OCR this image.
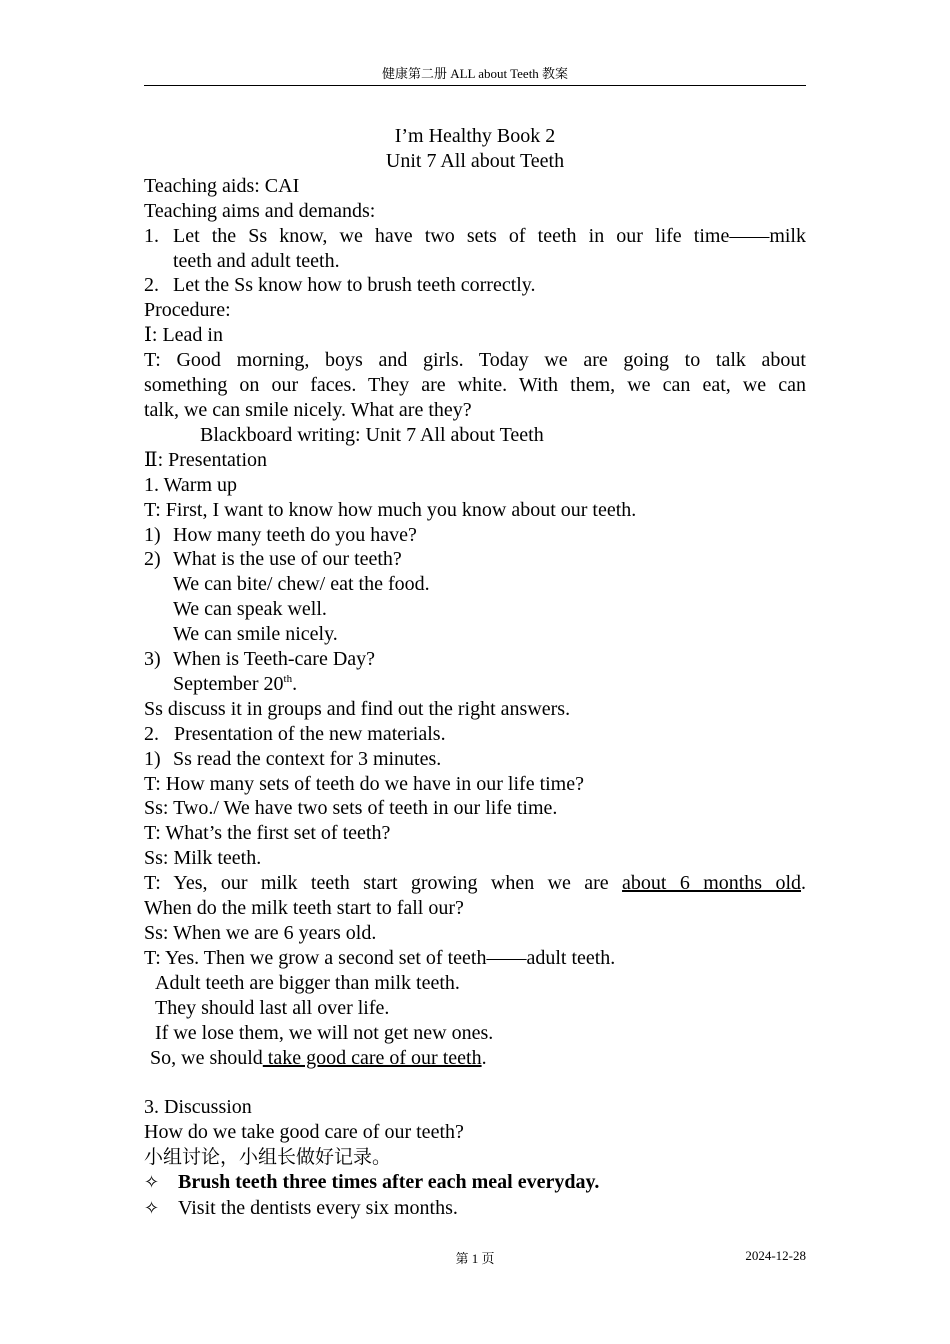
健康第二册 ALL about Teeth 教案
I’m Healthy Book 2
Unit 7 All about Teeth
Teaching aids: CAI
Teaching aims and demands:
1. Let the Ss know, we have two sets of teeth in our life time——milk
teeth and adult teeth.
2. Let the Ss know how to brush teeth correctly.
Procedure:
Ⅰ: Lead in
T: Good morning, boys and girls. Today we are going to talk about
something on our faces. They are white. With them, we can eat, we can
talk, we can smile nicely. What are they?
Blackboard writing: Unit 7 All about Teeth
Ⅱ: Presentation
1. Warm up
T: First, I want to know how much you know about our teeth.
1) How many teeth do you have?
2) What is the use of our teeth?
We can bite/ chew/ eat the food.
We can speak well.
We can smile nicely.
3) When is Teeth-care Day?
September 20th.
Ss discuss it in groups and find out the right answers.
2.   Presentation of the new materials.
1) Ss read the context for 3 minutes.
T: How many sets of teeth do we have in our life time?
Ss: Two./ We have two sets of teeth in our life time.
T: What’s the first set of teeth?
Ss: Milk teeth.
T: Yes, our milk teeth start growing when we are about 6 months old.
When do the milk teeth start to fall our?
Ss: When we are 6 years old.
T: Yes. Then we grow a second set of teeth——adult teeth.
Adult teeth are bigger than milk teeth.
They should last all over life.
If we lose them, we will not get new ones.
So, we should take good care of our teeth.
3. Discussion
How do we take good care of our teeth?
小组讨论，小组长做好记录。
✧ Brush teeth three times after each meal everyday.
✧ Visit the dentists every six months.
第 1 页	2024-12-28
